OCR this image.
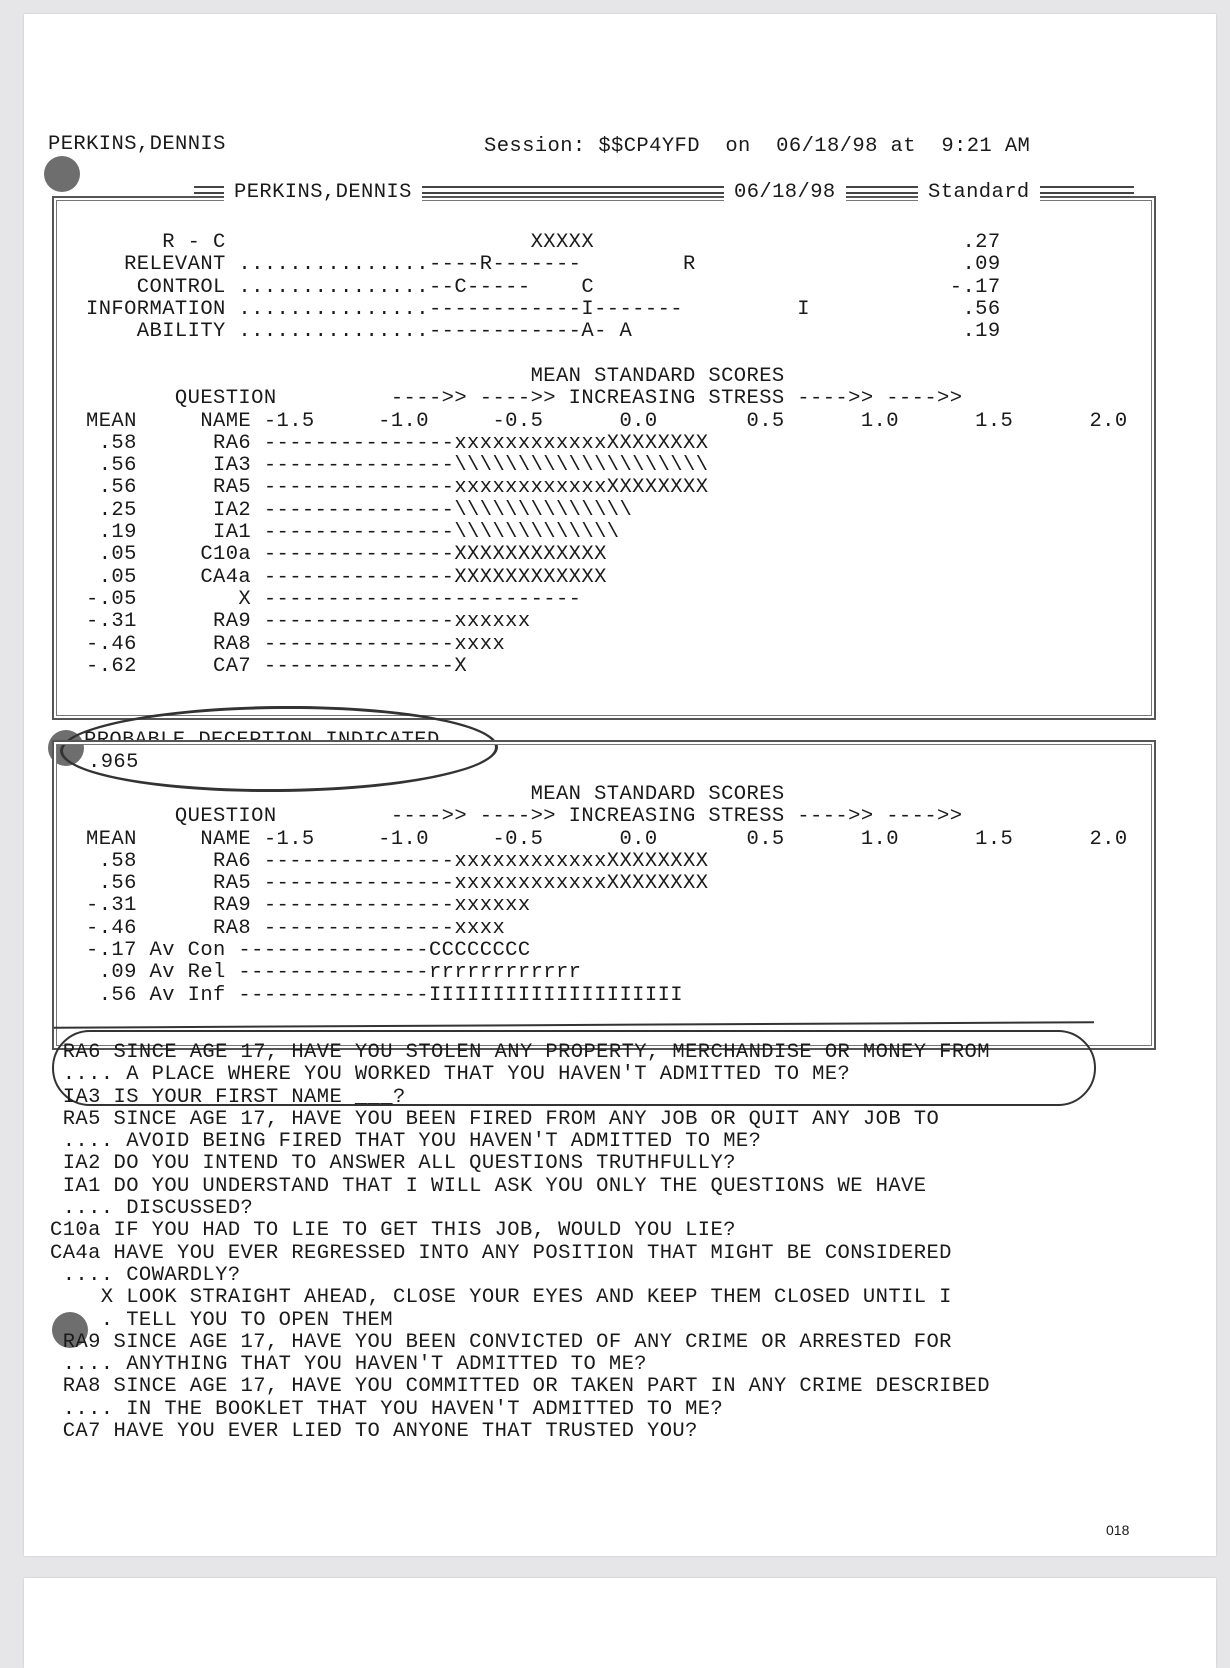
PERKINS,DENNIS	Session: $$CP4YFD on 06/18/98 at 9:21 AM
PERKINS,DENNIS	06/18/98	Standard
R - C                        XXXXX                             .27
RELEVANT ...............----R-------        R                     .09
CONTROL ...............--C-----    C                            -.17
INFORMATION ...............------------I-------         I            .56
ABILITY ...............------------A- A                          .19
MEAN STANDARD SCORES
QUESTION         ---->> ---->> INCREASING STRESS ---->> ---->>
MEAN     NAME -1.5     -1.0     -0.5      0.0       0.5      1.0      1.5      2.0
.58      RA6 ---------------xxxxxxxxxxxxXXXXXXXX
.56      IA3 ---------------\\\\\\\\\\\\\\\\\\\\
.56      RA5 ---------------xxxxxxxxxxxxXXXXXXXX
.25      IA2 ---------------\\\\\\\\\\\\\\
.19      IA1 ---------------\\\\\\\\\\\\\
.05     C10a ---------------XXXXXXXXXXXX
.05     CA4a ---------------XXXXXXXXXXXX
-.05        X -------------------------
-.31      RA9 ---------------xxxxxx
-.46      RA8 ---------------xxxx
-.62      CA7 ---------------X
PROBABLE DECEPTION INDICATED
.965
MEAN STANDARD SCORES
QUESTION         ---->> ---->> INCREASING STRESS ---->> ---->>
MEAN     NAME -1.5     -1.0     -0.5      0.0       0.5      1.0      1.5      2.0
.58      RA6 ---------------xxxxxxxxxxxxXXXXXXXX
.56      RA5 ---------------xxxxxxxxxxxxXXXXXXXX
-.31      RA9 ---------------xxxxxx
-.46      RA8 ---------------xxxx
-.17 Av Con ---------------CCCCCCCC
.09 Av Rel ---------------rrrrrrrrrrrr
.56 Av Inf ---------------IIIIIIIIIIIIIIIIIIII
RA6 SINCE AGE 17, HAVE YOU STOLEN ANY PROPERTY, MERCHANDISE OR MONEY FROM
.... A PLACE WHERE YOU WORKED THAT YOU HAVEN'T ADMITTED TO ME?
IA3 IS YOUR FIRST NAME ___?
RA5 SINCE AGE 17, HAVE YOU BEEN FIRED FROM ANY JOB OR QUIT ANY JOB TO
.... AVOID BEING FIRED THAT YOU HAVEN'T ADMITTED TO ME?
IA2 DO YOU INTEND TO ANSWER ALL QUESTIONS TRUTHFULLY?
IA1 DO YOU UNDERSTAND THAT I WILL ASK YOU ONLY THE QUESTIONS WE HAVE
.... DISCUSSED?
C10a IF YOU HAD TO LIE TO GET THIS JOB, WOULD YOU LIE?
CA4a HAVE YOU EVER REGRESSED INTO ANY POSITION THAT MIGHT BE CONSIDERED
.... COWARDLY?
X LOOK STRAIGHT AHEAD, CLOSE YOUR EYES AND KEEP THEM CLOSED UNTIL I
. TELL YOU TO OPEN THEM
RA9 SINCE AGE 17, HAVE YOU BEEN CONVICTED OF ANY CRIME OR ARRESTED FOR
.... ANYTHING THAT YOU HAVEN'T ADMITTED TO ME?
RA8 SINCE AGE 17, HAVE YOU COMMITTED OR TAKEN PART IN ANY CRIME DESCRIBED
.... IN THE BOOKLET THAT YOU HAVEN'T ADMITTED TO ME?
CA7 HAVE YOU EVER LIED TO ANYONE THAT TRUSTED YOU?
018
